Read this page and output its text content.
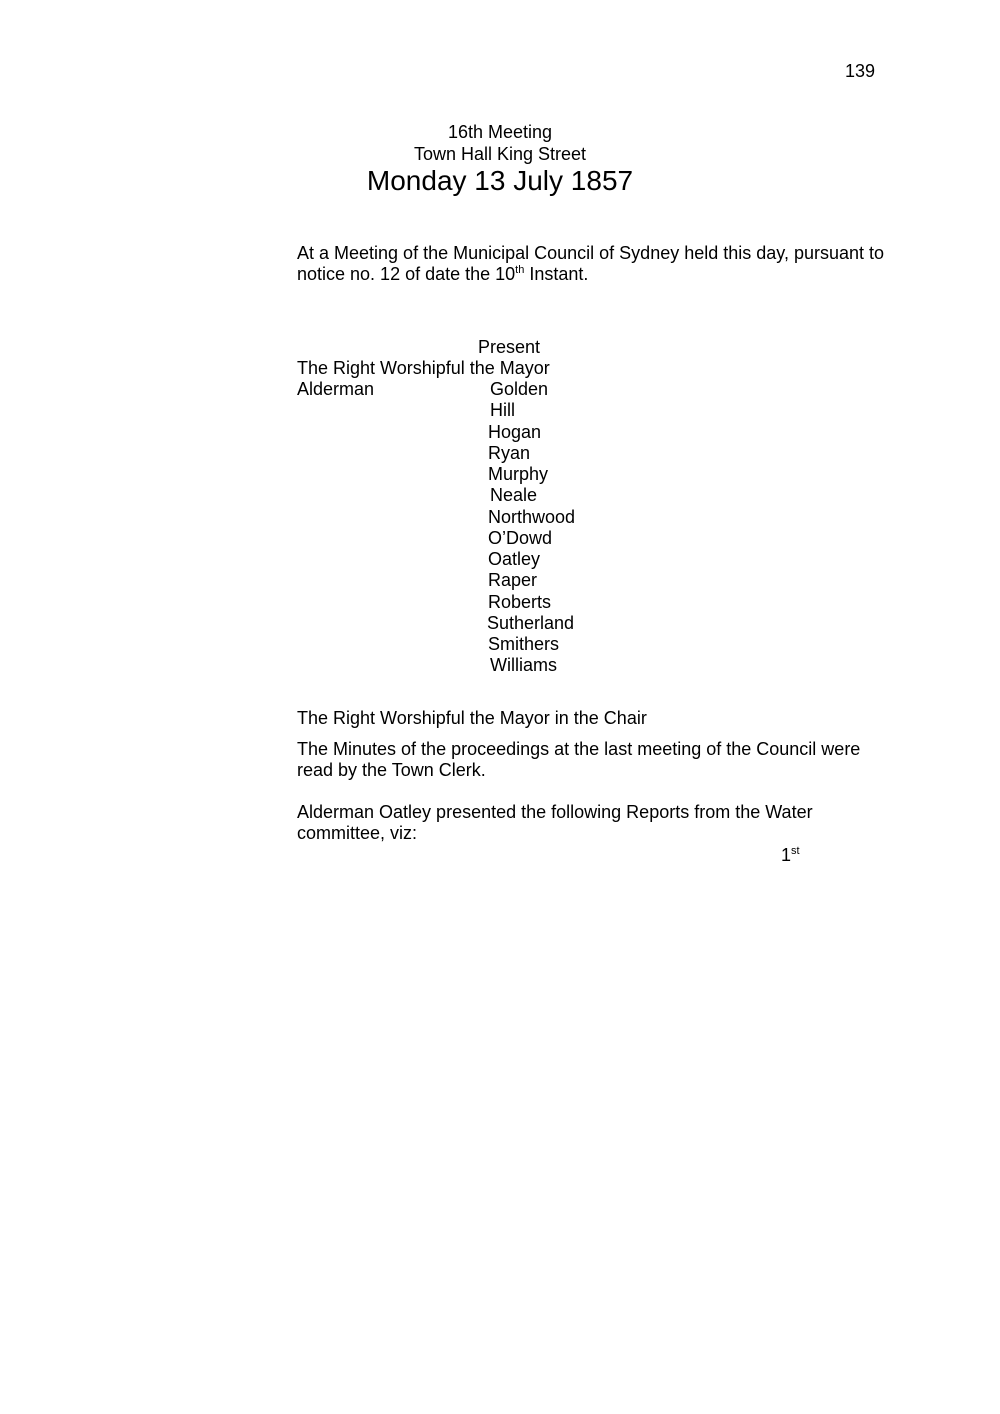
139
16th Meeting
Town Hall King Street
Monday 13 July 1857
At a Meeting of the Municipal Council of Sydney held this day, pursuant to
notice no. 12 of date the 10th Instant.
Present
The Right Worshipful the Mayor
Alderman	Golden
Hill
Hogan
Ryan
Murphy
Neale
Northwood
O’Dowd
Oatley
Raper
Roberts
Sutherland
Smithers
Williams
The Right Worshipful the Mayor in the Chair
The Minutes of the proceedings at the last meeting of the Council were
read by the Town Clerk.
Alderman Oatley presented the following Reports from the Water
committee, viz:
1st
